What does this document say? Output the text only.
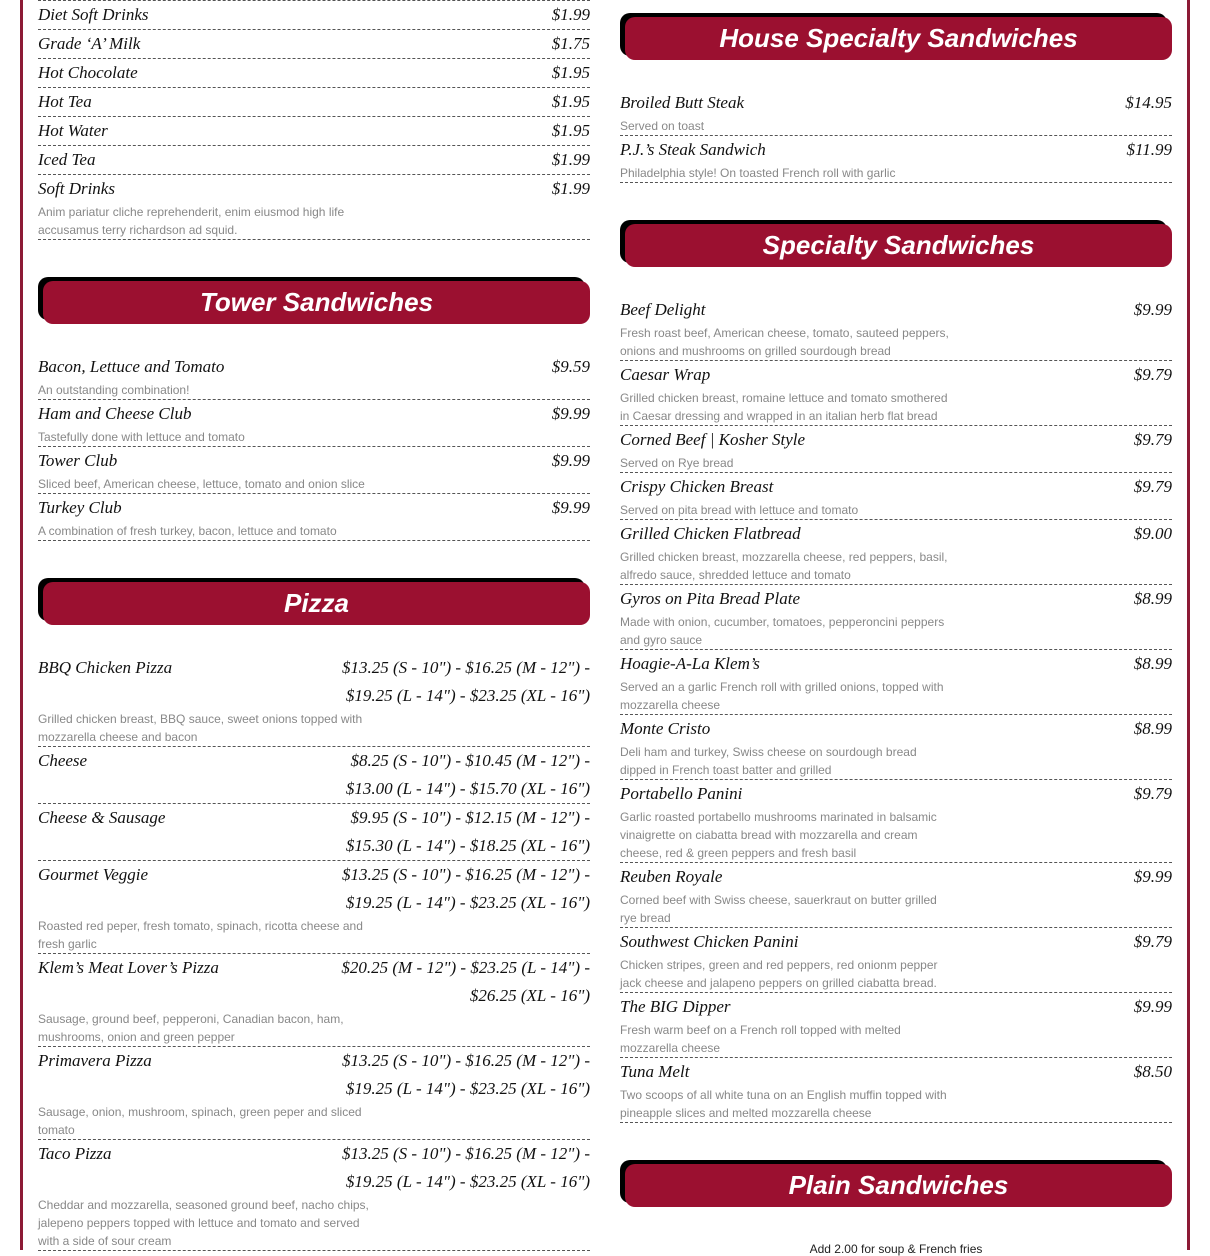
Diet Soft Drinks	$1.99
Grade ‘A’ Milk	$1.75
Hot Chocolate	$1.95
Hot Tea	$1.95
Hot Water	$1.95
Iced Tea	$1.99
Soft Drinks	$1.99
Anim pariatur cliche reprehenderit, enim eiusmod high life accusamus terry richardson ad squid.
Tower Sandwiches
Bacon, Lettuce and Tomato	$9.59
An outstanding combination!
Ham and Cheese Club	$9.99
Tastefully done with lettuce and tomato
Tower Club	$9.99
Sliced beef, American cheese, lettuce, tomato and onion slice
Turkey Club	$9.99
A combination of fresh turkey, bacon, lettuce and tomato
Pizza
BBQ Chicken Pizza	$13.25 (S - 10") - $16.25 (M - 12") - $19.25 (L - 14") - $23.25 (XL - 16")
Grilled chicken breast, BBQ sauce, sweet onions topped with mozzarella cheese and bacon
Cheese	$8.25 (S - 10") - $10.45 (M - 12") - $13.00 (L - 14") - $15.70 (XL - 16")
Cheese & Sausage	$9.95 (S - 10") - $12.15 (M - 12") - $15.30 (L - 14") - $18.25 (XL - 16")
Gourmet Veggie	$13.25 (S - 10") - $16.25 (M - 12") - $19.25 (L - 14") - $23.25 (XL - 16")
Roasted red peper, fresh tomato, spinach, ricotta cheese and fresh garlic
Klem’s Meat Lover’s Pizza	$20.25 (M - 12") - $23.25 (L - 14") - $26.25 (XL - 16")
Sausage, ground beef, pepperoni, Canadian bacon, ham, mushrooms, onion and green pepper
Primavera Pizza	$13.25 (S - 10") - $16.25 (M - 12") - $19.25 (L - 14") - $23.25 (XL - 16")
Sausage, onion, mushroom, spinach, green peper and sliced tomato
Taco Pizza	$13.25 (S - 10") - $16.25 (M - 12") - $19.25 (L - 14") - $23.25 (XL - 16")
Cheddar and mozzarella, seasoned ground beef, nacho chips, jalepeno peppers topped with lettuce and tomato and served with a side of sour cream
House Specialty Sandwiches
Broiled Butt Steak	$14.95
Served on toast
P.J.’s Steak Sandwich	$11.99
Philadelphia style! On toasted French roll with garlic
Specialty Sandwiches
Beef Delight	$9.99
Fresh roast beef, American cheese, tomato, sauteed peppers, onions and mushrooms on grilled sourdough bread
Caesar Wrap	$9.79
Grilled chicken breast, romaine lettuce and tomato smothered in Caesar dressing and wrapped in an italian herb flat bread
Corned Beef | Kosher Style	$9.79
Served on Rye bread
Crispy Chicken Breast	$9.79
Served on pita bread with lettuce and tomato
Grilled Chicken Flatbread	$9.00
Grilled chicken breast, mozzarella cheese, red peppers, basil, alfredo sauce, shredded lettuce and tomato
Gyros on Pita Bread Plate	$8.99
Made with onion, cucumber, tomatoes, pepperoncini peppers and gyro sauce
Hoagie-A-La Klem’s	$8.99
Served an a garlic French roll with grilled onions, topped with mozzarella cheese
Monte Cristo	$8.99
Deli ham and turkey, Swiss cheese on sourdough bread dipped in French toast batter and grilled
Portabello Panini	$9.79
Garlic roasted portabello mushrooms marinated in balsamic vinaigrette on ciabatta bread with mozzarella and cream cheese, red & green peppers and fresh basil
Reuben Royale	$9.99
Corned beef with Swiss cheese, sauerkraut on butter grilled rye bread
Southwest Chicken Panini	$9.79
Chicken stripes, green and red peppers, red onionm pepper jack cheese and jalapeno peppers on grilled ciabatta bread.
The BIG Dipper	$9.99
Fresh warm beef on a French roll topped with melted mozzarella cheese
Tuna Melt	$8.50
Two scoops of all white tuna on an English muffin topped with pineapple slices and melted mozzarella cheese
Plain Sandwiches
Add 2.00 for soup & French fries
